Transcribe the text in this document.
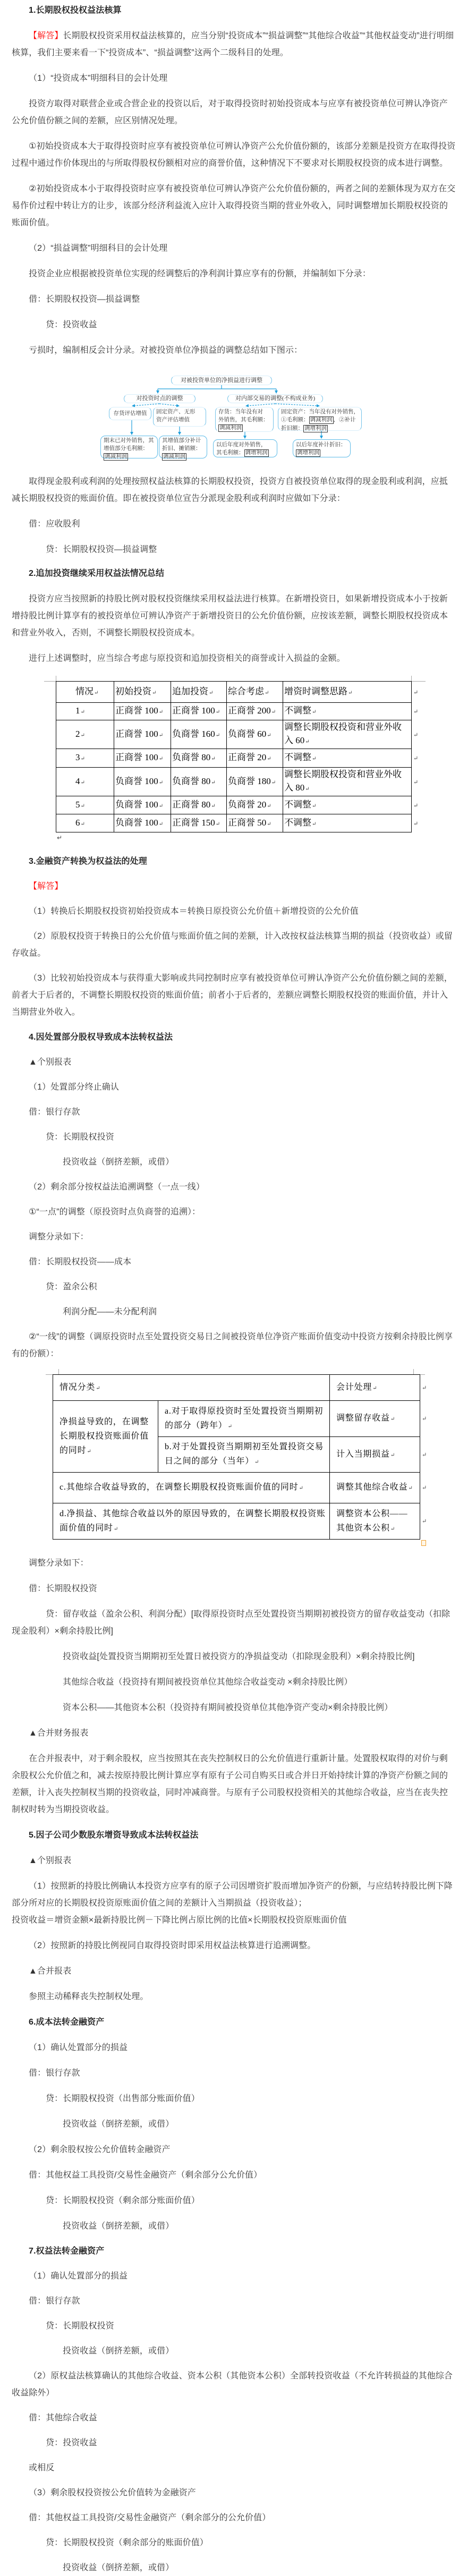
1.长期股权投权益法核算

【解答】长期股权投资采用权益法核算的，应当分别“投资成本”“损益调整”“其他综合收益”“其他权益变动”进行明细核算，我们主要来看一下“投资成本”、“损益调整”这两个二级科目的处理。

（1）“投资成本”明细科目的会计处理

投资方取得对联营企业或合营企业的投资以后，对于取得投资时初始投资成本与应享有被投资单位可辨认净资产公允价值份额之间的差额，应区别情况处理。

①初始投资成本大于取得投资时应享有被投资单位可辨认净资产公允价值份额的，该部分差额是投资方在取得投资过程中通过作价体现出的与所取得股权份额相对应的商誉价值，这种情况下不要求对长期股权投资的成本进行调整。

②初始投资成本小于取得投资时应享有被投资单位可辨认净资产公允价值份额的，两者之间的差额体现为双方在交易作价过程中转让方的让步，该部分经济利益流入应计入取得投资当期的营业外收入，同时调整增加长期股权投资的账面价值。

（2）“损益调整”明细科目的会计处理

投资企业应根据被投资单位实现的经调整后的净利润计算应享有的份额，并编制如下分录：

借：长期股权投资—损益调整

贷：投资收益

亏损时，编制相反会计分录。对被投资单位净损益的调整总结如下图示：

对被投资单位的净损益进行调整
对投资时点的调整	对内部交易的调整(不构成业务)
存货评估增值 固定资产、无形
资产评估增值
存货：当年没有对
外销售，其毛利额：
调减利润
固定资产：当年没有对外销售，
①毛利额： 调减利润 ，②补计
折旧额： 调增利润
期末已对外销售，其
增值部分毛利额：
调减利润
其增值部分补计
折旧、摊销额：
调减利润
以后年度对外销售，
其毛利额： 调增利润
以后年度补计折旧：
调增利润

取得现金股利或利润的处理按照权益法核算的长期股权投资，投资方自被投资单位取得的现金股利或利润，应抵减长期股权投资的账面价值。即在被投资单位宣告分派现金股利或利润时应做如下分录：

借：应收股利

贷：长期股权投资—损益调整

2.追加投资继续采用权益法情况总结

投资方应当按照新的持股比例对股权投资继续采用权益法进行核算。在新增投资日，如果新增投资成本小于按新增持股比例计算享有的被投资单位可辨认净资产于新增投资日的公允价值份额，应按该差额，调整长期股权投资成本和营业外收入，否则，不调整长期股权投资成本。

进行上述调整时，应当综合考虑与原投资和追加投资相关的商誉或计入损益的金额。

情况 ↵	初始投资 ↵	追加投资 ↵	综合考虑 ↵	增资时调整思路 ↵	↵
1 ↵	正商誉 100 ↵	正商誉 100 ↵	正商誉 200 ↵	不调整 ↵	↵
2 ↵	正商誉 100 ↵	负商誉 160 ↵	负商誉 60 ↵	调整长期股权投资和营业外收入 60 ↵	↵
3 ↵	正商誉 100 ↵	负商誉 80 ↵	正商誉 20 ↵	不调整 ↵	↵
4 ↵	负商誉 100 ↵	负商誉 80 ↵	负商誉 180 ↵	调整长期股权投资和营业外收入 80 ↵	↵
5 ↵	负商誉 100 ↵	正商誉 80 ↵	负商誉 20 ↵	不调整 ↵	↵
6 ↵	负商誉 100 ↵	正商誉 150 ↵	正商誉 50 ↵	不调整 ↵	↵
↵

3.金融资产转换为权益法的处理

【解答】

（1）转换后长期股权投资初始投资成本＝转换日原投资公允价值＋新增投资的公允价值

（2）原股权投资于转换日的公允价值与账面价值之间的差额，计入改按权益法核算当期的损益（投资收益）或留存收益。

（3）比较初始投资成本与获得重大影响或共同控制时应享有被投资单位可辨认净资产公允价值份额之间的差额，前者大于后者的，不调整长期股权投资的账面价值；前者小于后者的，差额应调整长期股权投资的账面价值，并计入当期营业外收入。

4.因处置部分股权导致成本法转权益法

▲个别报表

（1）处置部分终止确认

借：银行存款

贷：长期股权投资

投资收益（倒挤差额，或借）

（2）剩余部分按权益法追溯调整（一点一线）

①“一点”的调整（原投资时点负商誉的追溯）：

调整分录如下：

借：长期股权投资——成本

贷：盈余公积

利润分配——未分配利润

②“一线”的调整（调原投资时点至处置投资交易日之间被投资单位净资产账面价值变动中投资方按剩余持股比例享有的份额）：

情况分类 ↵		会计处理 ↵	↵
净损益导致的，在调整长期股权投资账面价值的同时 ↵	a.对于取得原投资时至处置投资当期期初的部分（跨年） ↵	调整留存收益 ↵	↵
	b.对于处置投资当期期初至处置投资交易日之间的部分（当年） ↵	计入当期损益 ↵	↵
c.其他综合收益导致的，在调整长期股权投资账面价值的同时 ↵		调整其他综合收益 ↵	↵
d.净损益、其他综合收益以外的原因导致的，在调整长期股权投资账面价值的同时 ↵		调整资本公积——其他资本公积 ↵	↵

调整分录如下：

借：长期股权投资

贷：留存收益（盈余公积、利润分配）[取得原投资时点至处置投资当期期初被投资方的留存收益变动（扣除现金股利）×剩余持股比例]

投资收益[处置投资当期期初至处置日被投资方的净损益变动（扣除现金股利）×剩余持股比例]

其他综合收益（投资持有期间被投资单位其他综合收益变动 ×剩余持股比例）

资本公积——其他资本公积（投资持有期间被投资单位其他净资产变动×剩余持股比例）

▲合并财务报表

在合并报表中，对于剩余股权，应当按照其在丧失控制权日的公允价值进行重新计量。处置股权取得的对价与剩余股权公允价值之和，减去按原持股比例计算应享有原有子公司自购买日或合并日开始持续计算的净资产份额之间的差额，计入丧失控制权当期的投资收益，同时冲减商誉。与原有子公司股权投资相关的其他综合收益，应当在丧失控制权时转为当期投资收益。

5.因子公司少数股东增资导致成本法转权益法

▲个别报表

（1）按照新的持股比例确认本投资方应享有的原子公司因增资扩股而增加净资产的份额，与应结转持股比例下降部分所对应的长期股权投资原账面价值之间的差额计入当期损益（投资收益）；

投资收益＝增资金额×最新持股比例－下降比例占原比例的比值×长期股权投资原账面价值

（2）按照新的持股比例视同自取得投资时即采用权益法核算进行追溯调整。

▲合并报表

参照主动稀释丧失控制权处理。

6.成本法转金融资产

（1）确认处置部分的损益

借：银行存款

贷：长期股权投资（出售部分账面价值）

投资收益（倒挤差额，或借）

（2）剩余股权按公允价值转金融资产

借：其他权益工具投资/交易性金融资产（剩余部分公允价值）

贷：长期股权投资（剩余部分账面价值）

投资收益（倒挤差额，或借）

7.权益法转金融资产

（1）确认处置部分的损益

借：银行存款

贷：长期股权投资

投资收益（倒挤差额，或借）

（2）原权益法核算确认的其他综合收益、资本公积（其他资本公积）全部转投资收益（不允许转损益的其他综合收益除外）

借：其他综合收益

贷：投资收益

或相反

（3）剩余股权投资按公允价值转为金融资产

借：其他权益工具投资/交易性金融资产（剩余部分的公允价值）

贷：长期股权投资（剩余部分的账面价值）

投资收益（倒挤差额，或借）
